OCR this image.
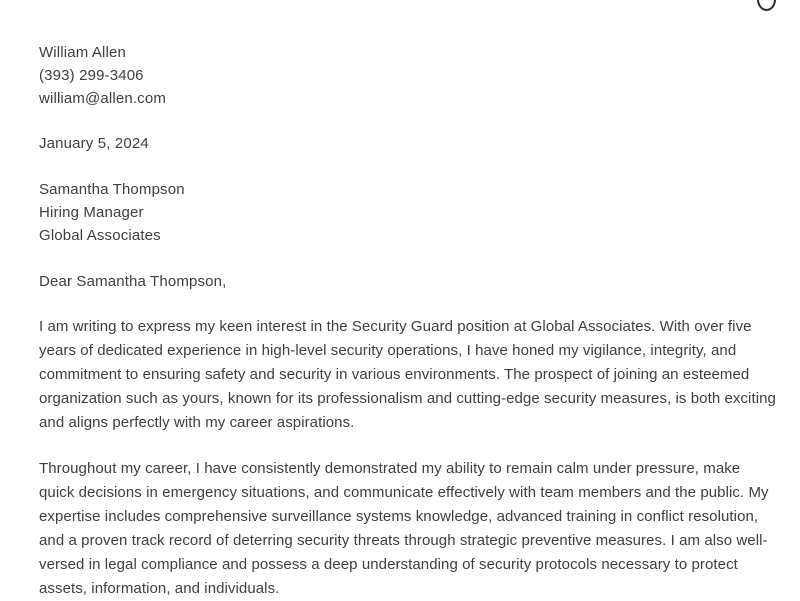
William Allen
(393) 299-3406
william@allen.com
January 5, 2024
Samantha Thompson
Hiring Manager
Global Associates
Dear Samantha Thompson,

I am writing to express my keen interest in the Security Guard position at Global Associates. With over five years of dedicated experience in high-level security operations, I have honed my vigilance, integrity, and commitment to ensuring safety and security in various environments. The prospect of joining an esteemed organization such as yours, known for its professionalism and cutting-edge security measures, is both exciting and aligns perfectly with my career aspirations.

Throughout my career, I have consistently demonstrated my ability to remain calm under pressure, make quick decisions in emergency situations, and communicate effectively with team members and the public. My expertise includes comprehensive surveillance systems knowledge, advanced training in conflict resolution, and a proven track record of deterring security threats through strategic preventive measures. I am also well-versed in legal compliance and possess a deep understanding of security protocols necessary to protect assets, information, and individuals.
